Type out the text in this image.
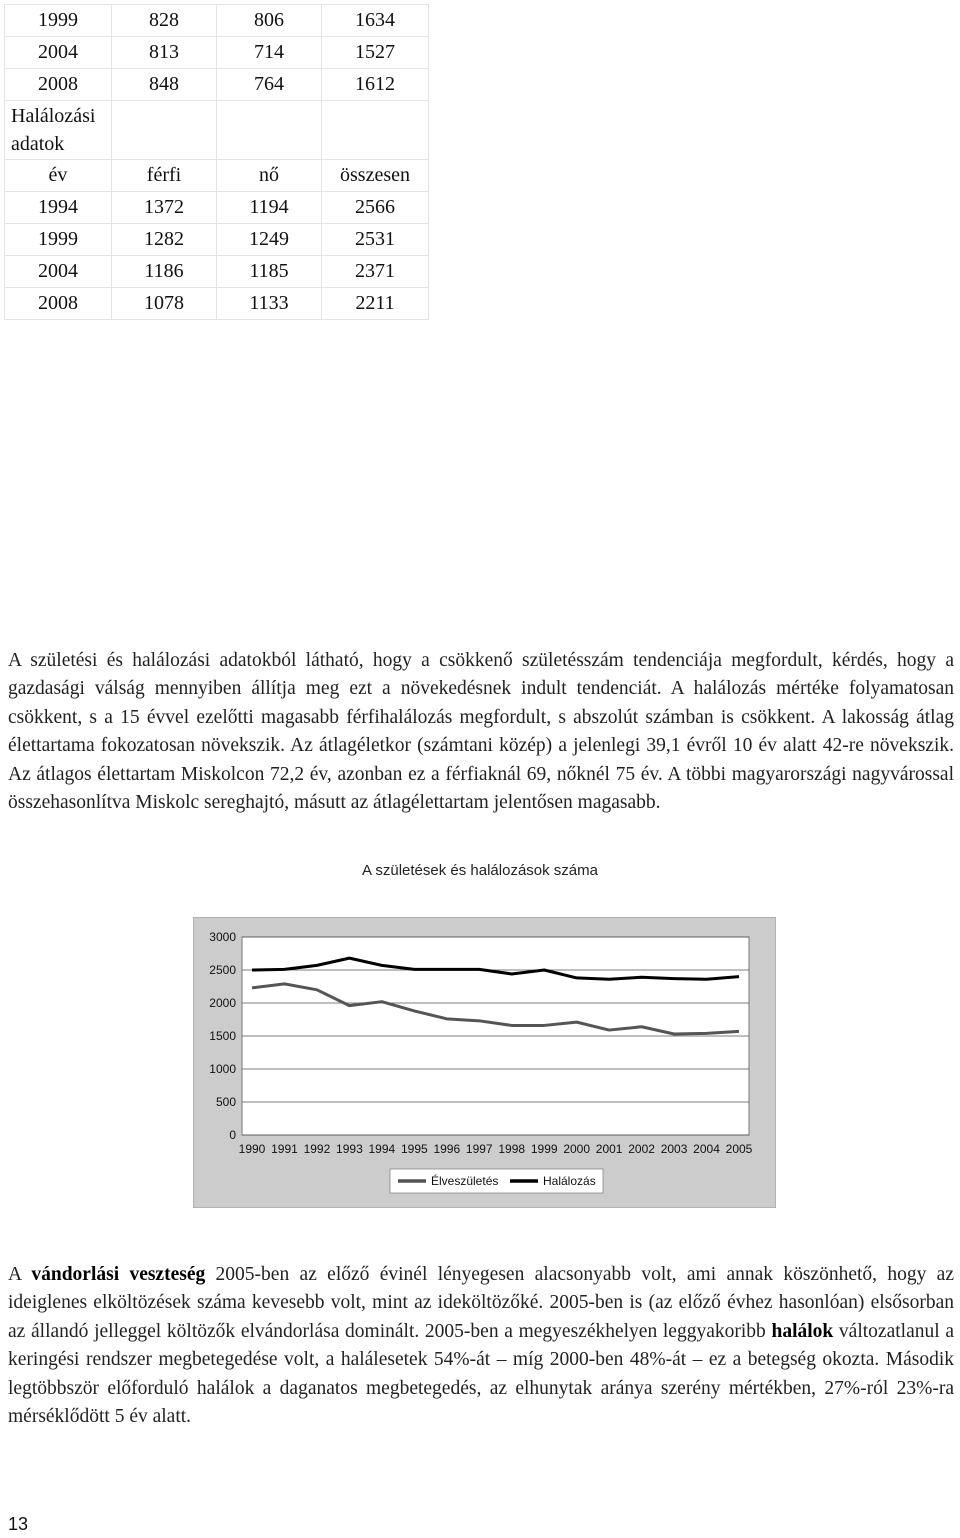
1999	828	806	1634
2004	813	714	1527
2008	848	764	1612
Halálozási adatok			
év	férfi	nő	összesen
1994	1372	1194	2566
1999	1282	1249	2531
2004	1186	1185	2371
2008	1078	1133	2211
A születési és halálozási adatokból látható, hogy a csökkenő születésszám tendenciája megfordult, kérdés, hogy a gazdasági válság mennyiben állítja meg ezt a növekedésnek indult tendenciát. A halálozás mértéke folyamatosan csökkent, s a 15 évvel ezelőtti magasabb férfihalálozás megfordult, s abszolút számban is csökkent. A lakosság átlag élettartama fokozatosan növekszik. Az átlagéletkor (számtani közép) a jelenlegi 39,1 évről 10 év alatt 42-re növekszik. Az átlagos élettartam Miskolcon 72,2 év, azonban ez a férfiaknál 69, nőknél 75 év. A többi magyarországi nagyvárossal összehasonlítva Miskolc sereghajtó, másutt az átlagélettartam jelentősen magasabb.
A születések és halálozások száma
0
500
1000
1500
2000
2500
3000
1990 1991 1992 1993 1994 1995 1996 1997 1998 1999 2000 2001 2002 2003 2004 2005
Élveszületés	Halálozás
A vándorlási veszteség 2005-ben az előző évinél lényegesen alacsonyabb volt, ami annak köszönhető, hogy az ideiglenes elköltözések száma kevesebb volt, mint az ideköltözőké. 2005-ben is (az előző évhez hasonlóan) elsősorban az állandó jelleggel költözők elvándorlása dominált. 2005-ben a megyeszékhelyen leggyakoribb halálok változatlanul a keringési rendszer megbetegedése volt, a halálesetek 54%-át – míg 2000-ben 48%-át – ez a betegség okozta. Második legtöbbször előforduló halálok a daganatos megbetegedés, az elhunytak aránya szerény mértékben, 27%-ról 23%-ra mérséklődött 5 év alatt.
13
